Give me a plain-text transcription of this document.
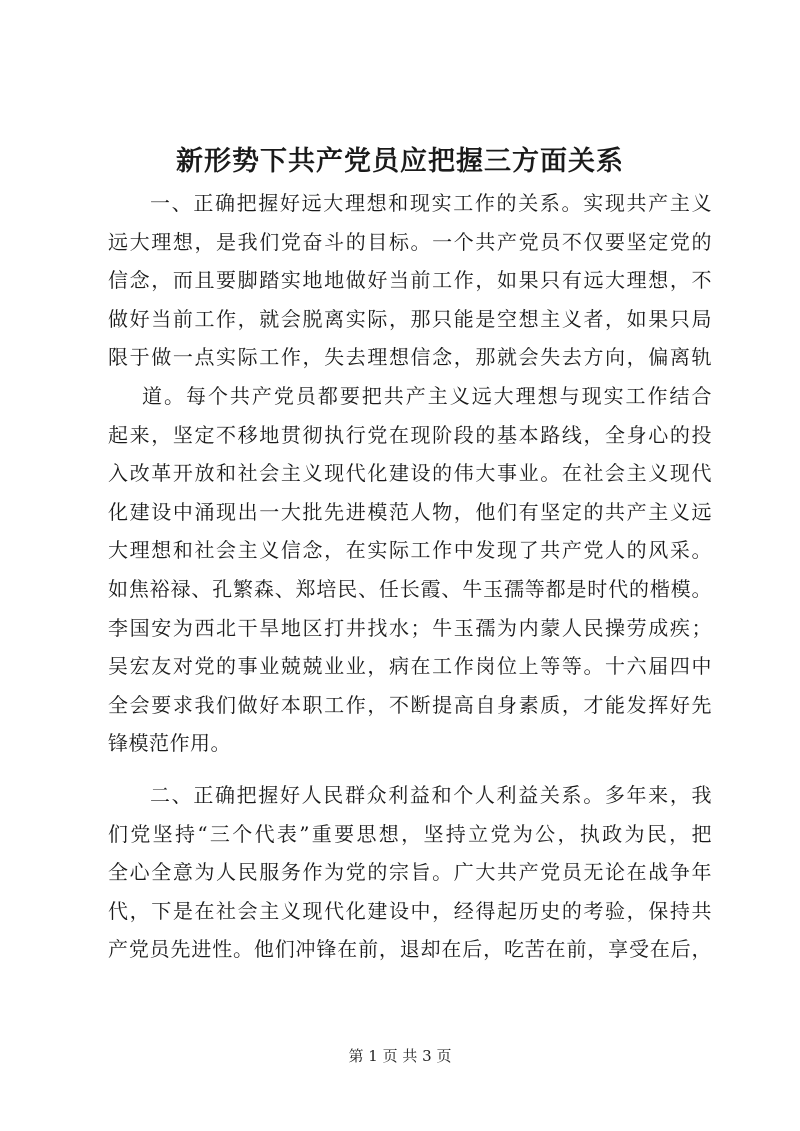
新形势下共产党员应把握三方面关系
一、正确把握好远大理想和现实工作的关系。实现共产主义
远大理想，是我们党奋斗的目标。一个共产党员不仅要坚定党的
信念，而且要脚踏实地地做好当前工作，如果只有远大理想，不
做好当前工作，就会脱离实际，那只能是空想主义者，如果只局
限于做一点实际工作，失去理想信念，那就会失去方向，偏离轨
道。每个共产党员都要把共产主义远大理想与现实工作结合
起来，坚定不移地贯彻执行党在现阶段的基本路线，全身心的投
入改革开放和社会主义现代化建设的伟大事业。在社会主义现代
化建设中涌现出一大批先进模范人物，他们有坚定的共产主义远
大理想和社会主义信念，在实际工作中发现了共产党人的风采。
如焦裕禄、孔繁森、郑培民、任长霞、牛玉孺等都是时代的楷模。
李国安为西北干旱地区打井找水；牛玉孺为内蒙人民操劳成疾；
吴宏友对党的事业兢兢业业，病在工作岗位上等等。十六届四中
全会要求我们做好本职工作，不断提高自身素质，才能发挥好先
锋模范作用。
二、正确把握好人民群众利益和个人利益关系。多年来，我
们党坚持“三个代表”重要思想，坚持立党为公，执政为民，把
全心全意为人民服务作为党的宗旨。广大共产党员无论在战争年
代，下是在社会主义现代化建设中，经得起历史的考验，保持共
产党员先进性。他们冲锋在前，退却在后，吃苦在前，享受在后，
第 1 页 共 3 页
